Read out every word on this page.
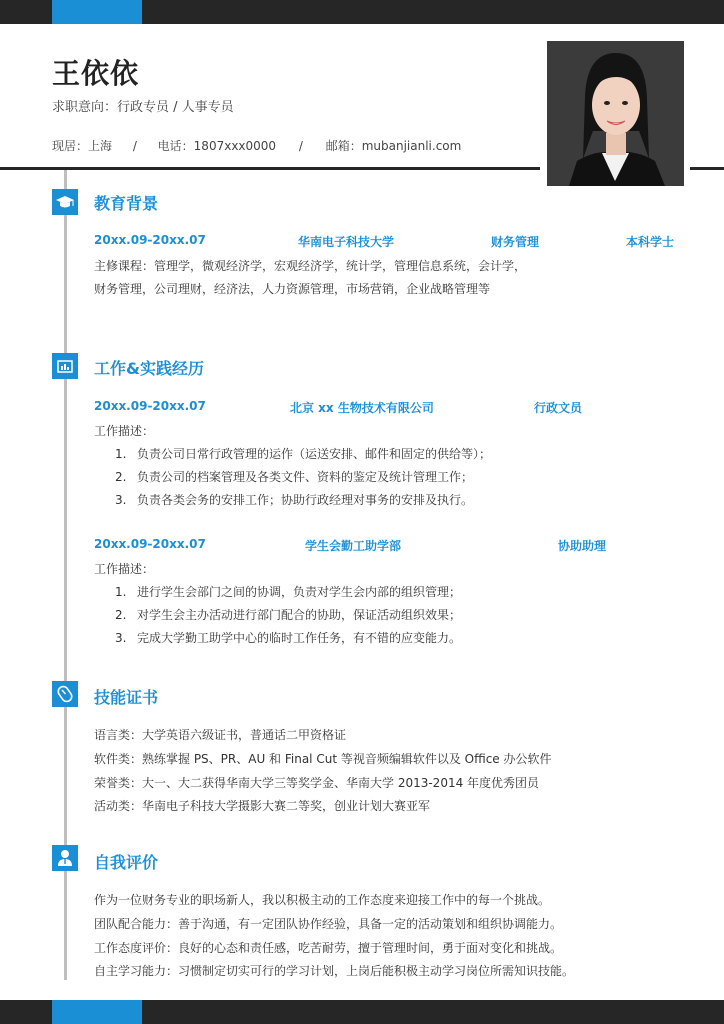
王依依
求职意向：行政专员 / 人事专员
现居：上海 / 电话：1807xxx0000 / 邮箱：mubanjianli.com
教育背景
20xx.09-20xx.07	华南电子科技大学	财务管理	本科学士
主修课程：管理学，微观经济学，宏观经济学，统计学，管理信息系统，会计学，
财务管理，公司理财，经济法，人力资源管理，市场营销，企业战略管理等
工作&实践经历
20xx.09-20xx.07	北京 xx 生物技术有限公司	行政文员
工作描述：
1. 负责公司日常行政管理的运作（运送安排、邮件和固定的供给等）；
2. 负责公司的档案管理及各类文件、资料的鉴定及统计管理工作；
3. 负责各类会务的安排工作；协助行政经理对事务的安排及执行。
20xx.09-20xx.07	学生会勤工助学部	协助助理
工作描述：
1. 进行学生会部门之间的协调，负责对学生会内部的组织管理；
2. 对学生会主办活动进行部门配合的协助，保证活动组织效果；
3. 完成大学勤工助学中心的临时工作任务，有不错的应变能力。
技能证书
语言类：大学英语六级证书，普通话二甲资格证
软件类：熟练掌握 PS、PR、AU 和 Final Cut 等视音频编辑软件以及 Office 办公软件
荣誉类：大一、大二获得华南大学三等奖学金、华南大学 2013-2014 年度优秀团员
活动类：华南电子科技大学摄影大赛二等奖，创业计划大赛亚军
自我评价
作为一位财务专业的职场新人，我以积极主动的工作态度来迎接工作中的每一个挑战。
团队配合能力：善于沟通，有一定团队协作经验，具备一定的活动策划和组织协调能力。
工作态度评价：良好的心态和责任感，吃苦耐劳，擅于管理时间，勇于面对变化和挑战。
自主学习能力：习惯制定切实可行的学习计划，上岗后能积极主动学习岗位所需知识技能。
